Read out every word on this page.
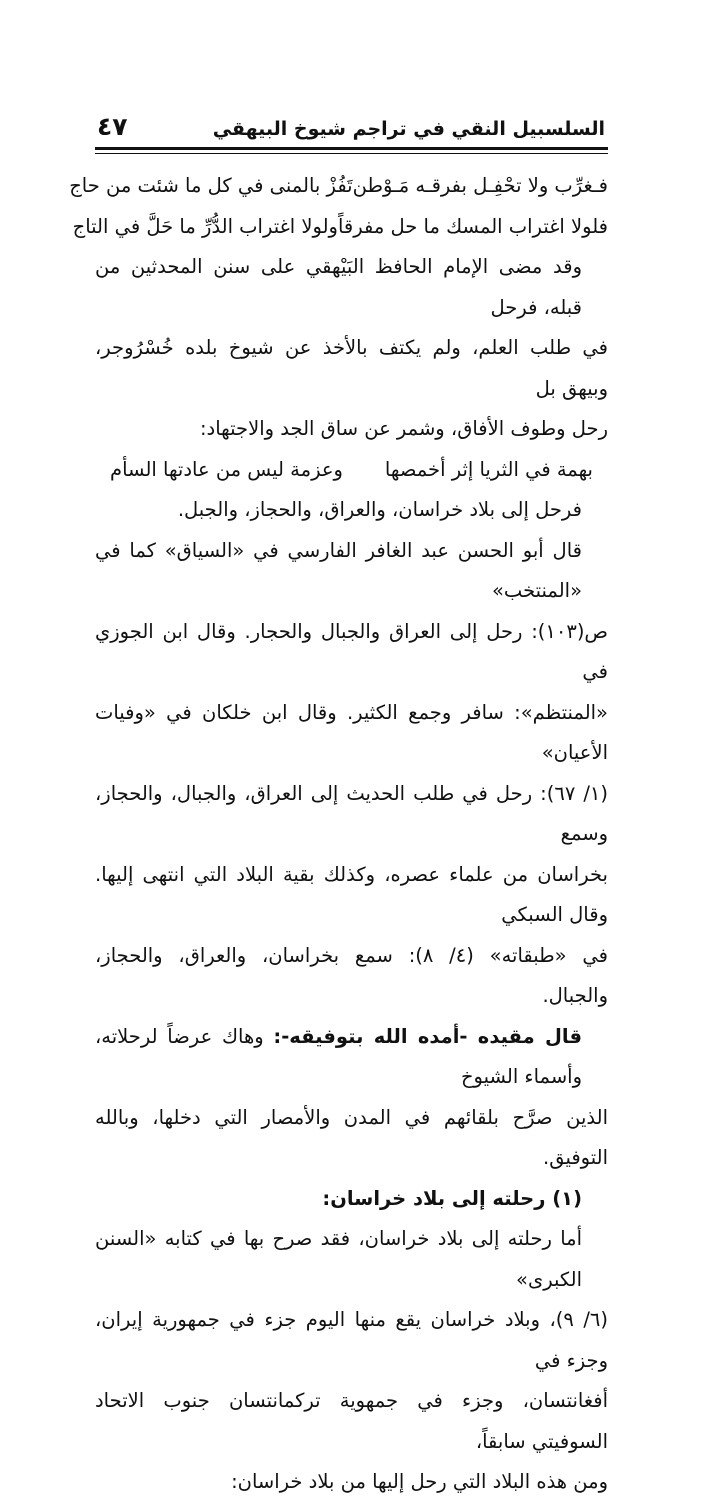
السلسبيل النقي في تراجم شيوخ البيهقي
٤٧
فـغرِّب ولا تحْفِـل بفرقـه مَـوْطن
تَفُزْ بالمنى في كل ما شئت من حاج
فلولا اغتراب المسك ما حل مفرقاً
ولولا اغتراب الدُّرِّ ما حَلَّ في التاج

وقد مضى الإمام الحافظ البَيْهقي على سنن المحدثين من قبله، فرحل

في طلب العلم، ولم يكتف بالأخذ عن شيوخ بلده خُسْرُوجر، وبيهق بل

رحل وطوف الأفاق، وشمر عن ساق الجد والاجتهاد:

بهمة في الثريا إثر أخمصها
وعزمة ليس من عادتها السأم

فرحل إلى بلاد خراسان، والعراق، والحجاز، والجبل.

قال أبو الحسن عبد الغافر الفارسي في «السياق» كما في «المنتخب»

ص(١٠٣): رحل إلى العراق والجبال والحجار. وقال ابن الجوزي في

«المنتظم»: سافر وجمع الكثير. وقال ابن خلكان في «وفيات الأعيان»

(١/ ٦٧): رحل في طلب الحديث إلى العراق، والجبال، والحجاز، وسمع

بخراسان من علماء عصره، وكذلك بقية البلاد التي انتهى إليها. وقال السبكي

في «طبقاته» (٤/ ٨): سمع بخراسان، والعراق، والحجاز، والجبال.

قال مقيده -أمده الله بتوفيقه-: وهاك عرضاً لرحلاته، وأسماء الشيوخ

الذين صرَّح بلقائهم في المدن والأمصار التي دخلها، وبالله التوفيق.

(١) رحلته إلى بلاد خراسان:

أما رحلته إلى بلاد خراسان، فقد صرح بها في كتابه «السنن الكبرى»

(٦/ ٩)، وبلاد خراسان يقع منها اليوم جزء في جمهورية إيران، وجزء في

أفغانتسان، وجزء في جمهوية تركمانتسان جنوب الاتحاد السوفيتي سابقاً،

ومن هذه البلاد التي رحل إليها من بلاد خراسان:
